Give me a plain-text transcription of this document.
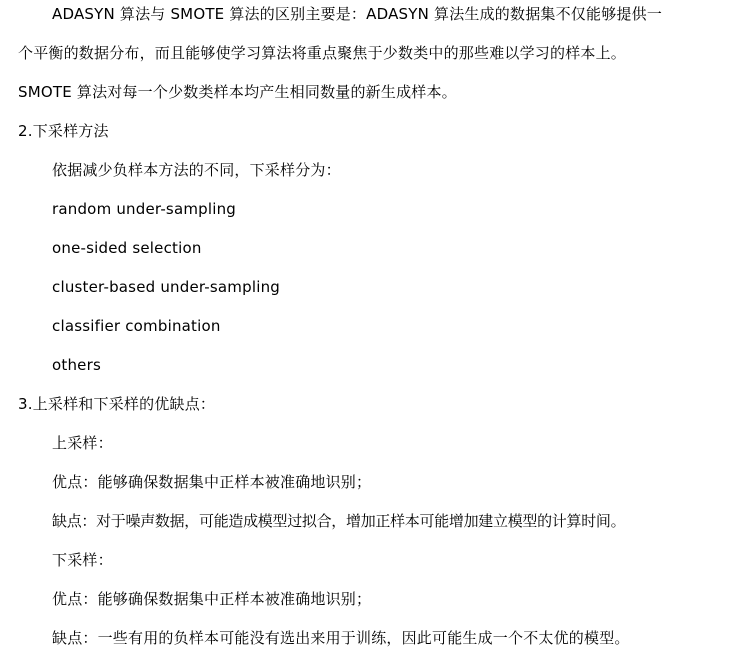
ADASYN 算法与 SMOTE 算法的区别主要是：ADASYN 算法生成的数据集不仅能够提供一
个平衡的数据分布，而且能够使学习算法将重点聚焦于少数类中的那些难以学习的样本上。
SMOTE 算法对每一个少数类样本均产生相同数量的新生成样本。
2.下采样方法
依据减少负样本方法的不同，下采样分为：
random under-sampling
one-sided selection
cluster-based under-sampling
classifier combination
others
3.上采样和下采样的优缺点：
上采样：
优点：能够确保数据集中正样本被准确地识别；
缺点：对于噪声数据，可能造成模型过拟合，增加正样本可能增加建立模型的计算时间。
下采样：
优点：能够确保数据集中正样本被准确地识别；
缺点：一些有用的负样本可能没有选出来用于训练，因此可能生成一个不太优的模型。
